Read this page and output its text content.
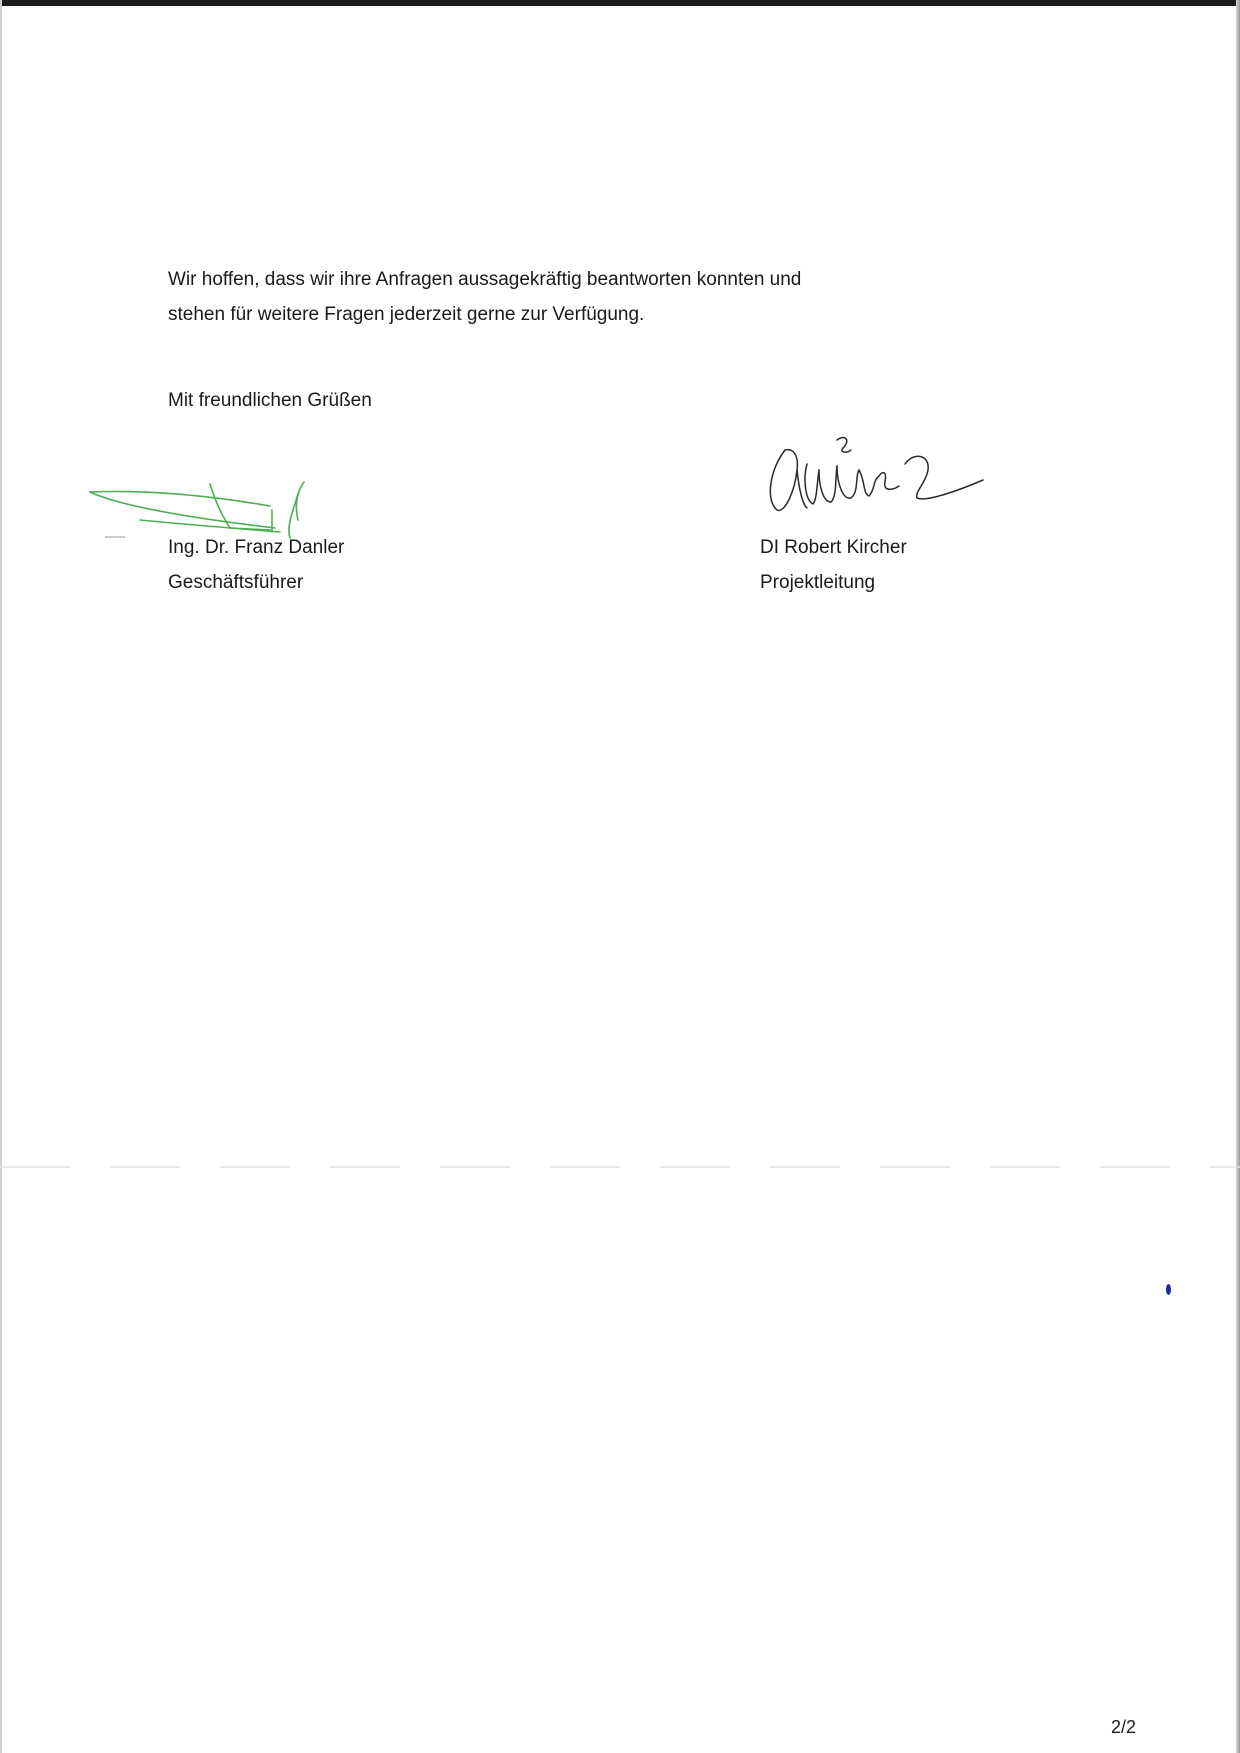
Wir hoffen, dass wir ihre Anfragen aussagekräftig beantworten konnten und
stehen für weitere Fragen jederzeit gerne zur Verfügung.

Mit freundlichen Grüßen

Ing. Dr. Franz Danler
Geschäftsführer
DI Robert Kircher
Projektleitung

2/2
